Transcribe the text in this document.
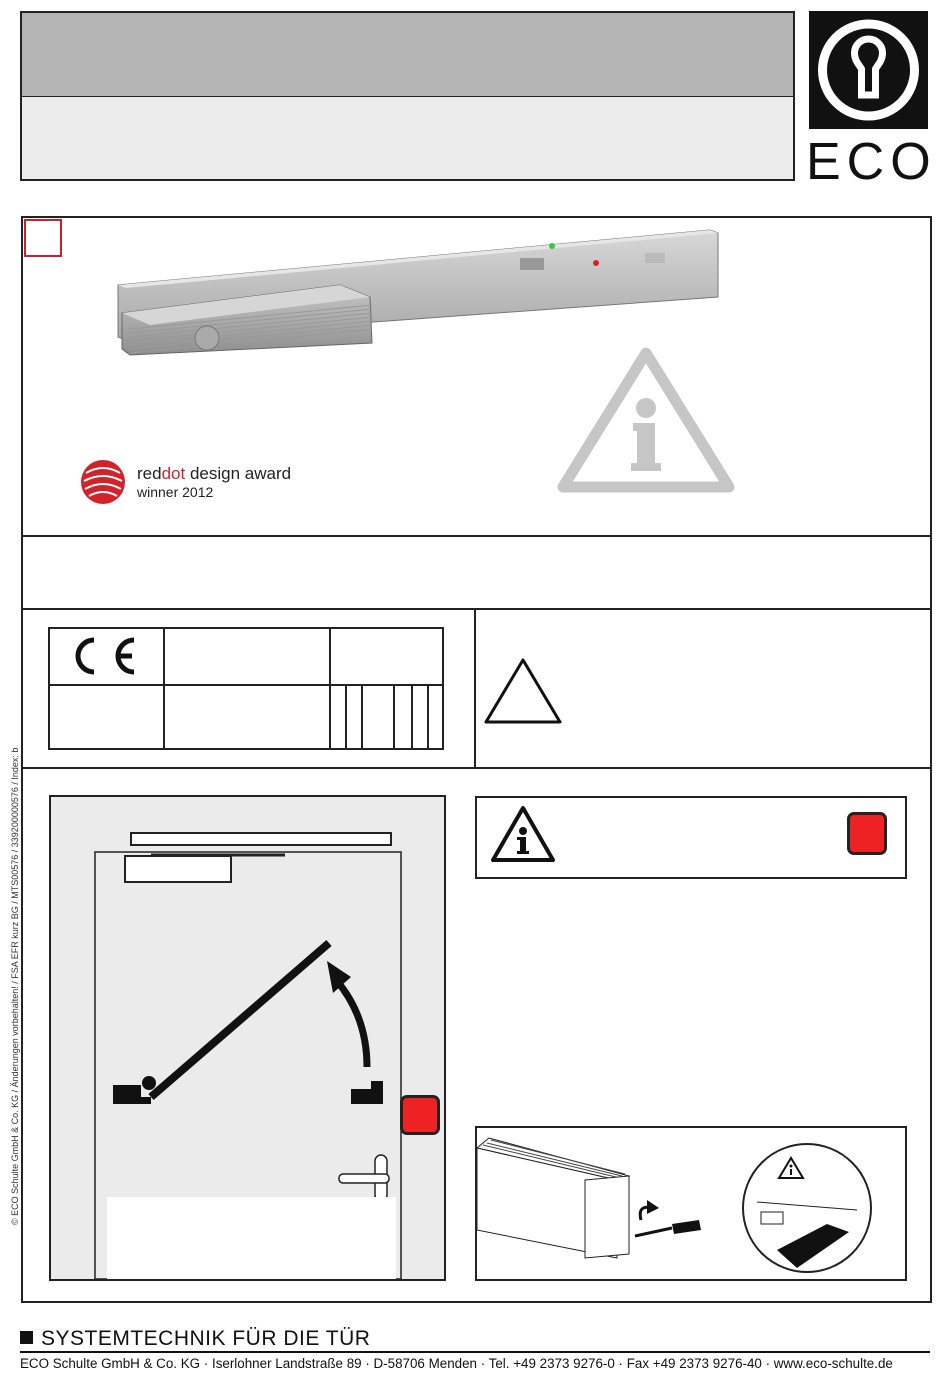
ECO
reddot design award
winner 2012
© ECO Schulte GmbH & Co. KG / Änderungen vorbehalten! / FSA EFR kurz BG / MTS00576 / 339200000576 / Index: b
SYSTEMTECHNIK FÜR DIE TÜR
ECO Schulte GmbH & Co. KG · Iserlohner Landstraße 89 · D-58706 Menden · Tel. +49 2373 9276-0 · Fax +49 2373 9276-40 · www.eco-schulte.de
